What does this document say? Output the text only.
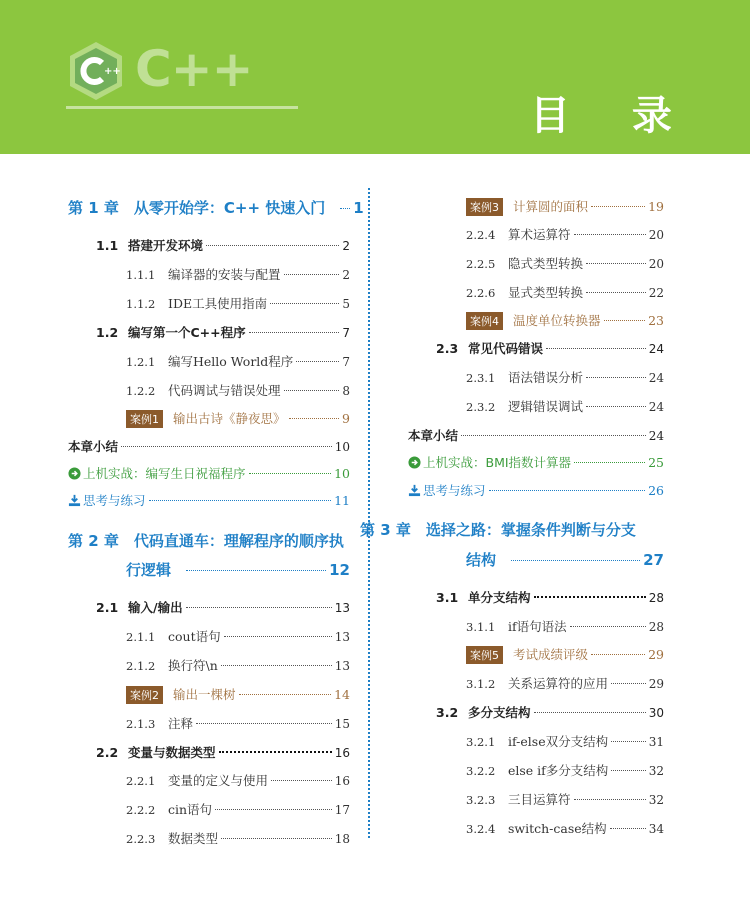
++ C++
目 录
第 1 章　从零开始学：C++ 快速入门 1
1.1 搭建开发环境	2
1.1.1	编译器的安装与配置	2
1.1.2	IDE工具使用指南	5
1.2 编写第一个C++程序	7
1.2.1	编写Hello World程序	7
1.2.2	代码调试与错误处理	8
案例1	输出古诗《静夜思》	9
本章小结	10
上机实战：编写生日祝福程序	10
思考与练习	11
第 2 章　代码直通车：理解程序的顺序执
行逻辑	12
2.1 输入/输出	13
2.1.1	cout语句	13
2.1.2	换行符\n	13
案例2	输出一棵树	14
2.1.3	注释	15
2.2 变量与数据类型	16
2.2.1	变量的定义与使用	16
2.2.2	cin语句	17
2.2.3	数据类型	18
案例3	计算圆的面积	19
2.2.4	算术运算符	20
2.2.5	隐式类型转换	20
2.2.6	显式类型转换	22
案例4	温度单位转换器	23
2.3 常见代码错误	24
2.3.1	语法错误分析	24
2.3.2	逻辑错误调试	24
本章小结	24
上机实战：BMI指数计算器	25
思考与练习	26
第 3 章　选择之路：掌握条件判断与分支
结构	27
3.1 单分支结构	28
3.1.1	if语句语法	28
案例5	考试成绩评级	29
3.1.2	关系运算符的应用	29
3.2 多分支结构	30
3.2.1	if-else双分支结构	31
3.2.2	else if多分支结构	32
3.2.3	三目运算符	32
3.2.4	switch-case结构	34
